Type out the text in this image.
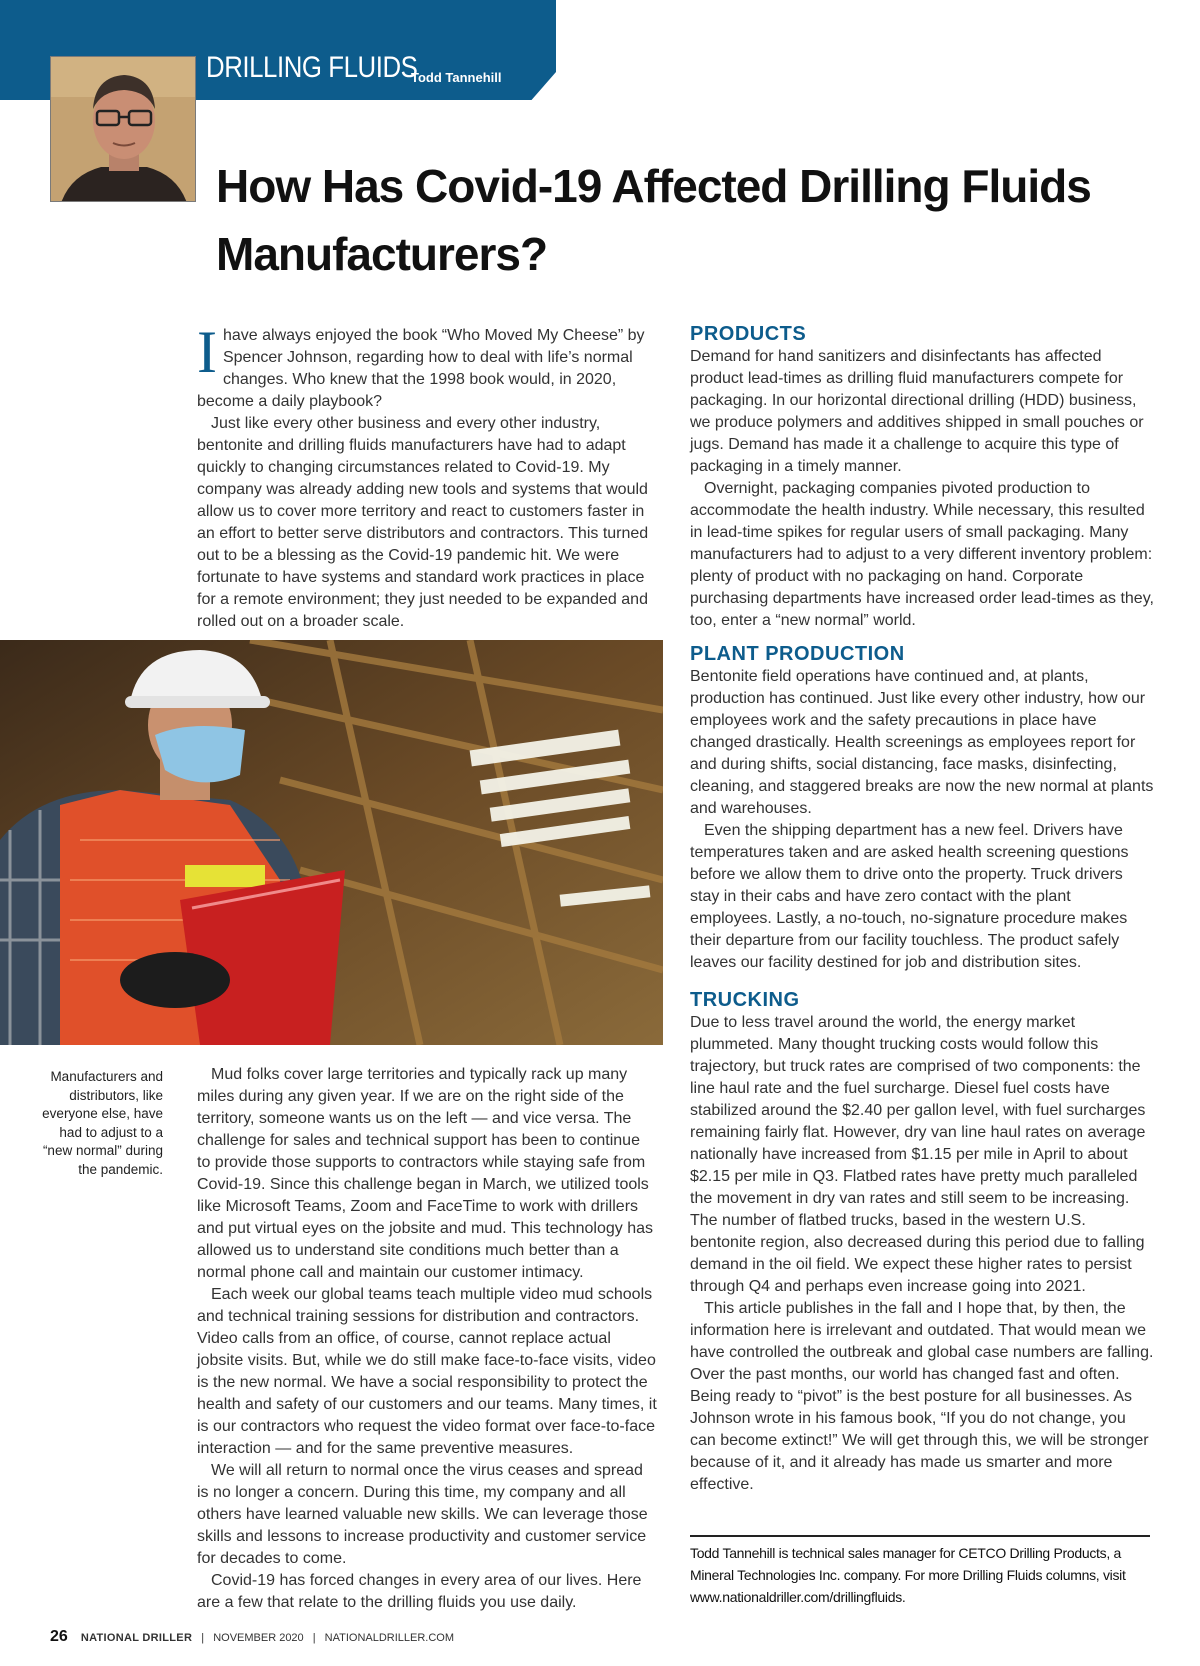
DRILLING FLUIDS
Todd Tannehill
How Has Covid-19 Affected Drilling Fluids Manufacturers?

Ihave always enjoyed the book “Who Moved My Cheese” by Spencer Johnson, regarding how to deal with life’s normal changes. Who knew that the 1998 book would, in 2020, become a daily playbook?

Just like every other business and every other industry, bentonite and drilling fluids manufacturers have had to adapt quickly to changing circumstances related to Covid-19. My company was already adding new tools and systems that would allow us to cover more territory and react to customers faster in an effort to better serve distributors and contractors. This turned out to be a blessing as the Covid-19 pandemic hit. We were fortunate to have systems and standard work practices in place for a remote environment; they just needed to be expanded and rolled out on a broader scale.

Manufacturers and distributors, like everyone else, have had to adjust to a “new normal” during the pandemic.

Mud folks cover large territories and typically rack up many miles during any given year. If we are on the right side of the territory, someone wants us on the left — and vice versa. The challenge for sales and technical support has been to continue to provide those supports to contractors while staying safe from Covid-19. Since this challenge began in March, we utilized tools like Microsoft Teams, Zoom and FaceTime to work with drillers and put virtual eyes on the jobsite and mud. This technology has allowed us to understand site conditions much better than a normal phone call and maintain our customer intimacy.

Each week our global teams teach multiple video mud schools and technical training sessions for distribution and contractors. Video calls from an office, of course, cannot replace actual jobsite visits. But, while we do still make face-to-face visits, video is the new normal. We have a social responsibility to protect the health and safety of our customers and our teams. Many times, it is our contractors who request the video format over face-to-face interaction — and for the same preventive measures.

We will all return to normal once the virus ceases and spread is no longer a concern. During this time, my company and all others have learned valuable new skills. We can leverage those skills and lessons to increase productivity and customer service for decades to come.

Covid-19 has forced changes in every area of our lives. Here are a few that relate to the drilling fluids you use daily.

PRODUCTS

Demand for hand sanitizers and disinfectants has affected product lead-times as drilling fluid manufacturers compete for packaging. In our horizontal directional drilling (HDD) business, we produce polymers and additives shipped in small pouches or jugs. Demand has made it a challenge to acquire this type of packaging in a timely manner.

Overnight, packaging companies pivoted production to accommodate the health industry. While necessary, this resulted in lead-time spikes for regular users of small packaging. Many manufacturers had to adjust to a very different inventory problem: plenty of product with no packaging on hand. Corporate purchasing departments have increased order lead-times as they, too, enter a “new normal” world.

PLANT PRODUCTION

Bentonite field operations have continued and, at plants, production has continued. Just like every other industry, how our employees work and the safety precautions in place have changed drastically. Health screenings as employees report for and during shifts, social distancing, face masks, disinfecting, cleaning, and staggered breaks are now the new normal at plants and warehouses.

Even the shipping department has a new feel. Drivers have temperatures taken and are asked health screening questions before we allow them to drive onto the property. Truck drivers stay in their cabs and have zero contact with the plant employees. Lastly, a no-touch, no-signature procedure makes their departure from our facility touchless. The product safely leaves our facility destined for job and distribution sites.

TRUCKING

Due to less travel around the world, the energy market plummeted. Many thought trucking costs would follow this trajectory, but truck rates are comprised of two components: the line haul rate and the fuel surcharge. Diesel fuel costs have stabilized around the $2.40 per gallon level, with fuel surcharges remaining fairly flat. However, dry van line haul rates on average nationally have increased from $1.15 per mile in April to about $2.15 per mile in Q3. Flatbed rates have pretty much paralleled the movement in dry van rates and still seem to be increasing. The number of flatbed trucks, based in the western U.S. bentonite region, also decreased during this period due to falling demand in the oil field. We expect these higher rates to persist through Q4 and perhaps even increase going into 2021.

This article publishes in the fall and I hope that, by then, the information here is irrelevant and outdated. That would mean we have controlled the outbreak and global case numbers are falling. Over the past months, our world has changed fast and often. Being ready to “pivot” is the best posture for all businesses. As Johnson wrote in his famous book, “If you do not change, you can become extinct!” We will get through this, we will be stronger because of it, and it already has made us smarter and more effective.

Todd Tannehill is technical sales manager for CETCO Drilling Products, a Mineral Technologies Inc. company. For more Drilling Fluids columns, visit www.nationaldriller.com/drillingfluids.
26 NATIONAL DRILLER | NOVEMBER 2020 | NATIONALDRILLER.COM
